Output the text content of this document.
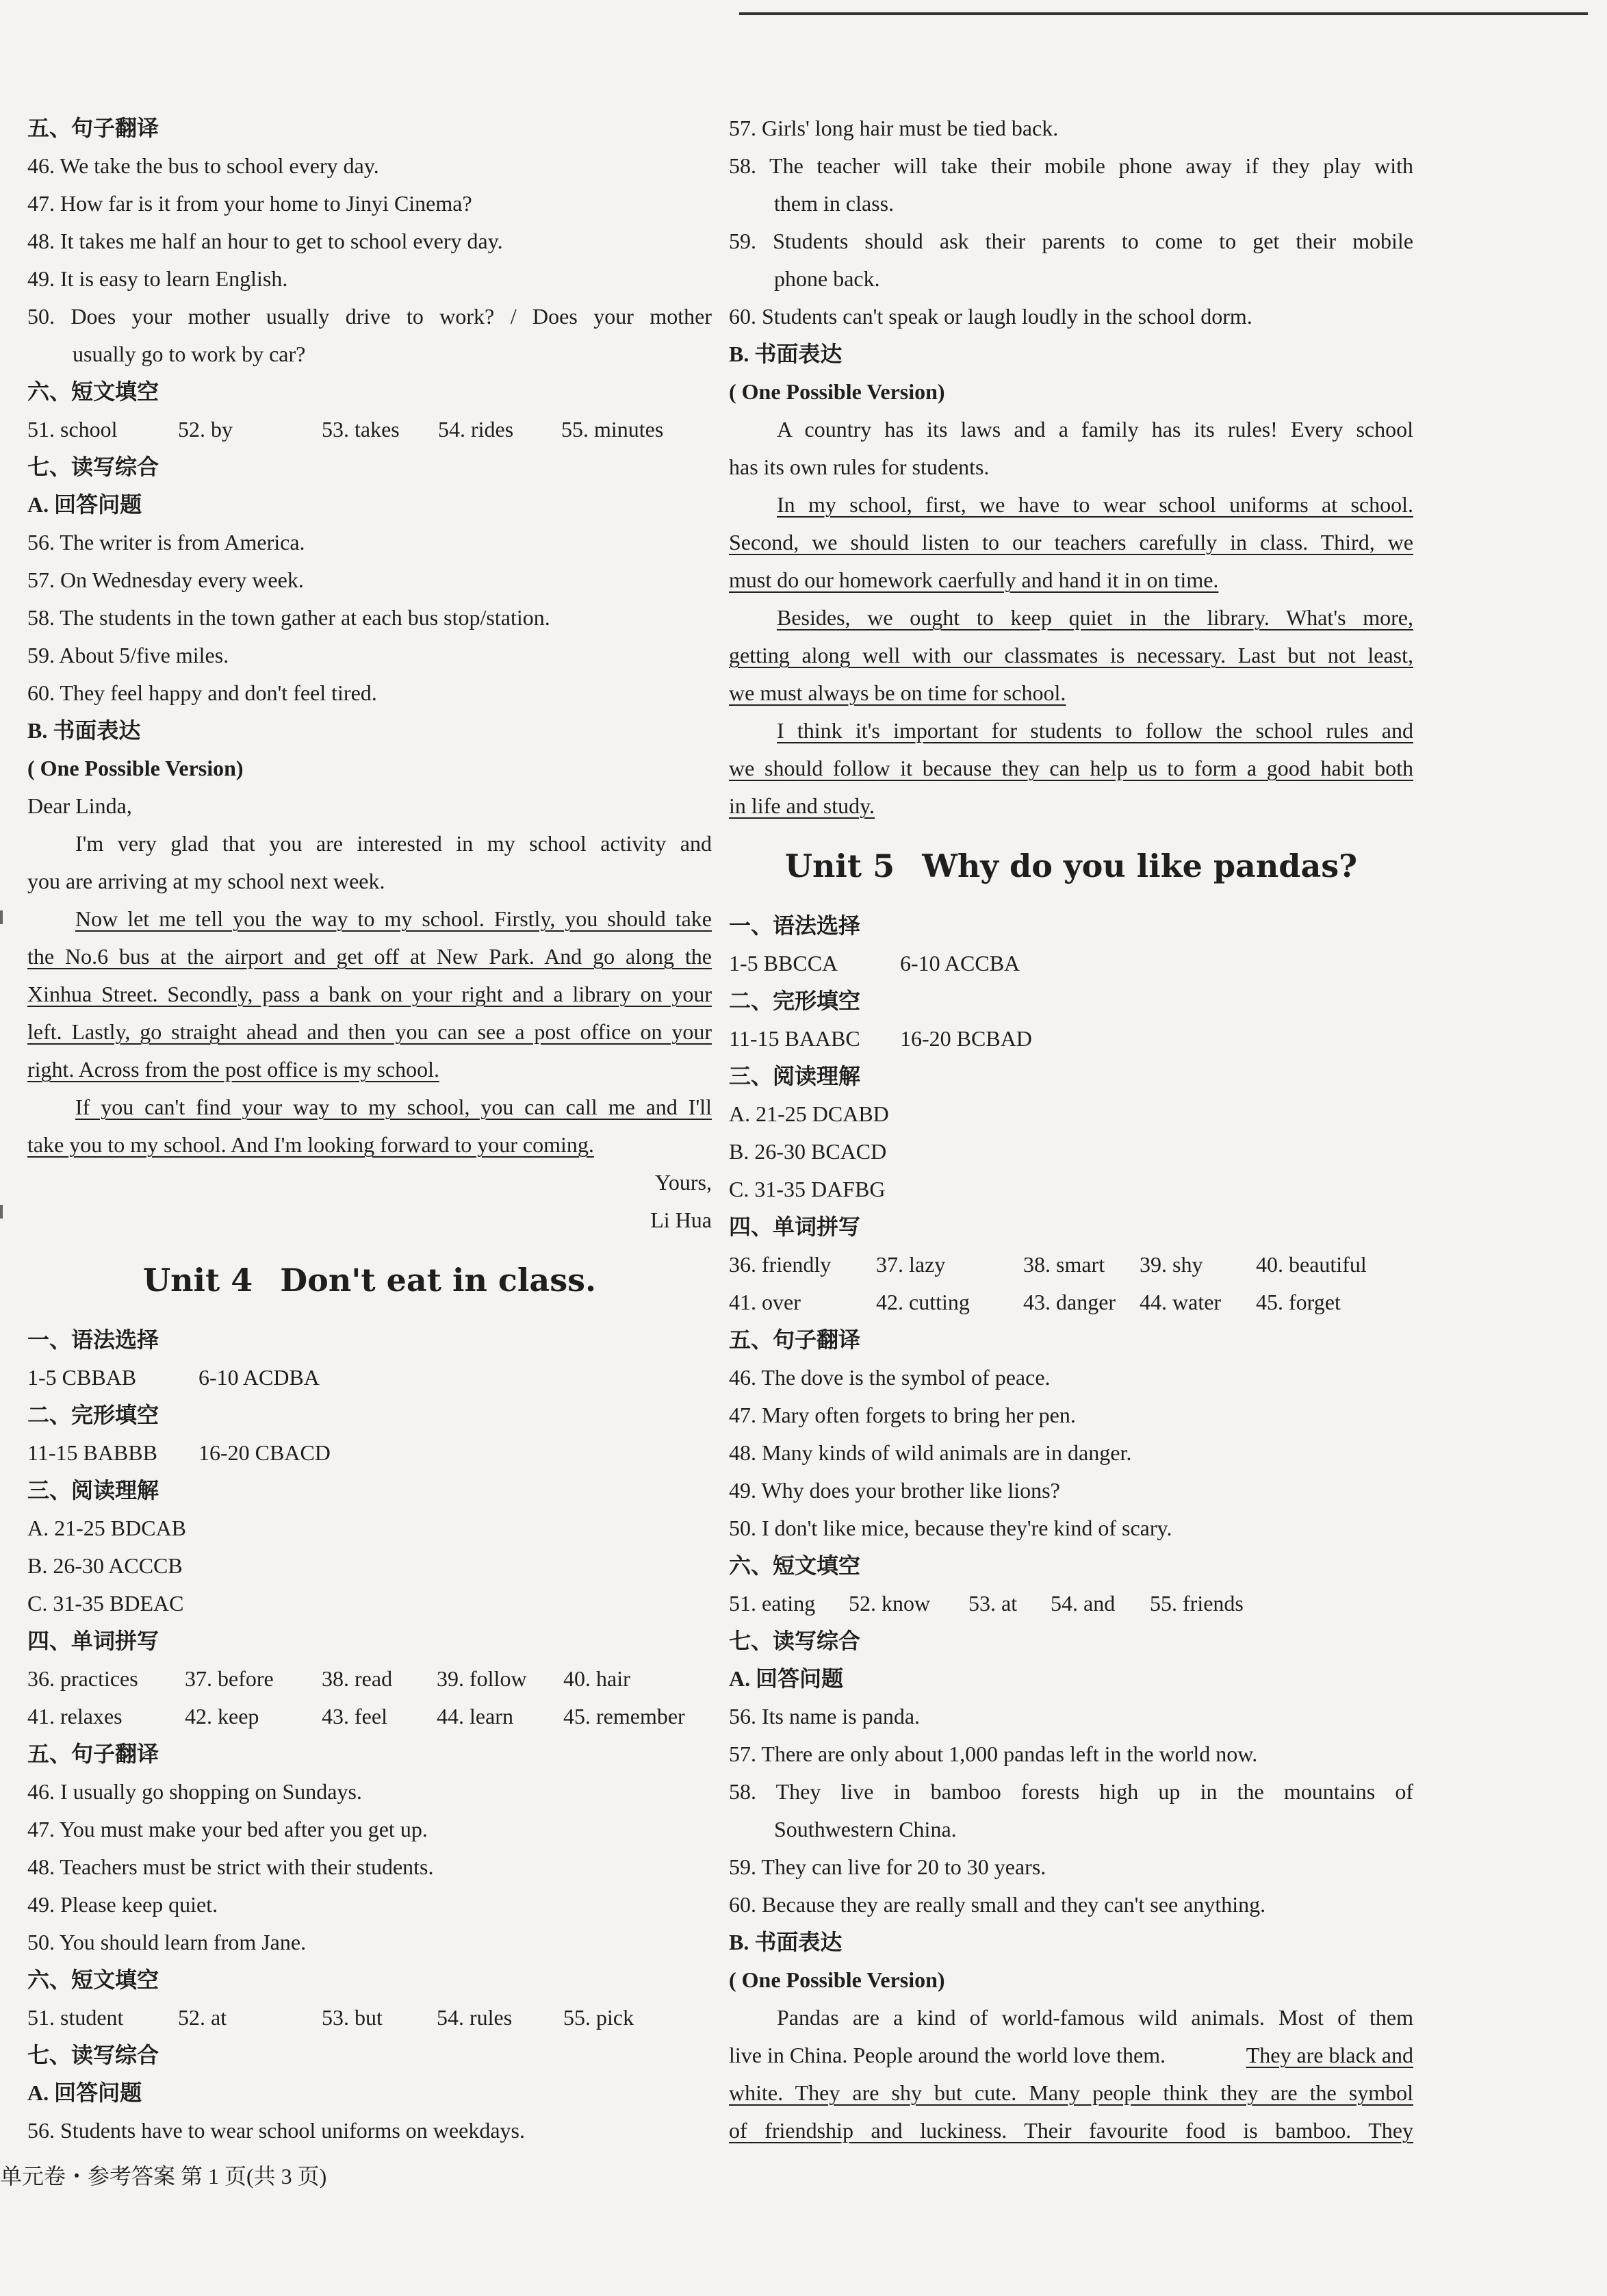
五、句子翻译
46. We take the bus to school every day.
47. How far is it from your home to Jinyi Cinema?
48. It takes me half an hour to get to school every day.
49. It is easy to learn English.
50. Does your mother usually drive to work? / Does your mother
usually go to work by car?
六、短文填空
51. school	52. by	53. takes	54. rides	55. minutes
七、读写综合
A. 回答问题
56. The writer is from America.
57. On Wednesday every week.
58. The students in the town gather at each bus stop/station.
59. About 5/five miles.
60. They feel happy and don't feel tired.
B. 书面表达
( One Possible Version)
Dear Linda,
I'm very glad that you are interested in my school activity and
you are arriving at my school next week.
Now let me tell you the way to my school. Firstly, you should take
the No.6 bus at the airport and get off at New Park. And go along the
Xinhua Street. Secondly, pass a bank on your right and a library on your
left. Lastly, go straight ahead and then you can see a post office on your
right. Across from the post office is my school.
If you can't find your way to my school, you can call me and I'll
take you to my school. And I'm looking forward to your coming.
Yours,
Li Hua
Unit 4 Don't eat in class.
一、语法选择
1-5 CBBAB	6-10 ACDBA
二、完形填空
11-15 BABBB	16-20 CBACD
三、阅读理解
A. 21-25 BDCAB
B. 26-30 ACCCB
C. 31-35 BDEAC
四、单词拼写
36. practices	37. before	38. read	39. follow	40. hair
41. relaxes	42. keep	43. feel	44. learn	45. remember
五、句子翻译
46. I usually go shopping on Sundays.
47. You must make your bed after you get up.
48. Teachers must be strict with their students.
49. Please keep quiet.
50. You should learn from Jane.
六、短文填空
51. student	52. at	53. but	54. rules	55. pick
七、读写综合
A. 回答问题
56. Students have to wear school uniforms on weekdays.
57. Girls' long hair must be tied back.
58. The teacher will take their mobile phone away if they play with
them in class.
59. Students should ask their parents to come to get their mobile
phone back.
60. Students can't speak or laugh loudly in the school dorm.
B. 书面表达
( One Possible Version)
A country has its laws and a family has its rules! Every school
has its own rules for students.
In my school, first, we have to wear school uniforms at school.
Second, we should listen to our teachers carefully in class. Third, we
must do our homework caerfully and hand it in on time.
Besides, we ought to keep quiet in the library. What's more,
getting along well with our classmates is necessary. Last but not least,
we must always be on time for school.
I think it's important for students to follow the school rules and
we should follow it because they can help us to form a good habit both
in life and study.
Unit 5 Why do you like pandas?
一、语法选择
1-5 BBCCA	6-10 ACCBA
二、完形填空
11-15 BAABC	16-20 BCBAD
三、阅读理解
A. 21-25 DCABD
B. 26-30 BCACD
C. 31-35 DAFBG
四、单词拼写
36. friendly	37. lazy	38. smart	39. shy	40. beautiful
41. over	42. cutting	43. danger	44. water	45. forget
五、句子翻译
46. The dove is the symbol of peace.
47. Mary often forgets to bring her pen.
48. Many kinds of wild animals are in danger.
49. Why does your brother like lions?
50. I don't like mice, because they're kind of scary.
六、短文填空
51. eating	52. know	53. at	54. and	55. friends
七、读写综合
A. 回答问题
56. Its name is panda.
57. There are only about 1,000 pandas left in the world now.
58. They live in bamboo forests high up in the mountains of
Southwestern China.
59. They can live for 20 to 30 years.
60. Because they are really small and they can't see anything.
B. 书面表达
( One Possible Version)
Pandas are a kind of world-famous wild animals. Most of them
live in China. People around the world love them.	They are black and
white. They are shy but cute. Many people think they are the symbol
of friendship and luckiness. Their favourite food is bamboo. They
单元卷・参考答案 第 1 页(共 3 页)
